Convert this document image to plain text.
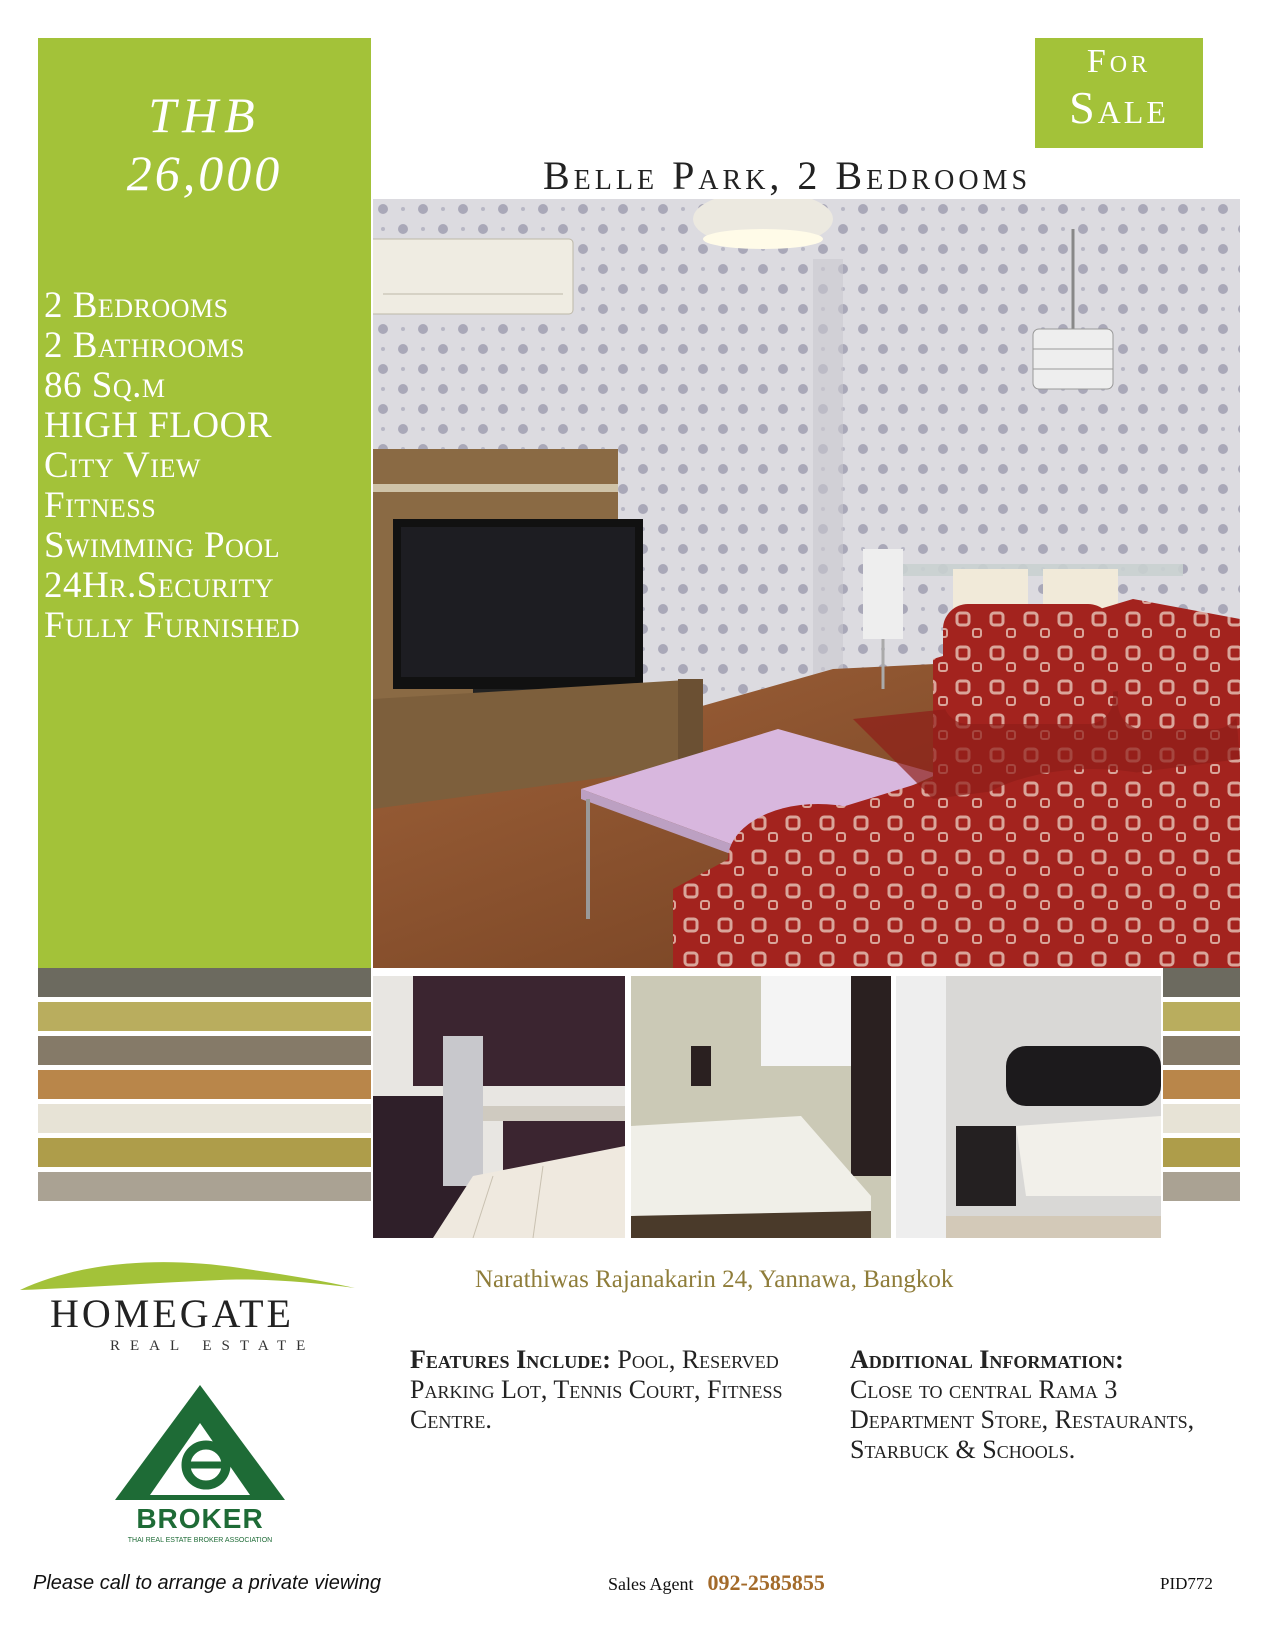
THB
26,000
2 Bedrooms
2 Bathrooms
86 Sq.m
HIGH FLOOR
City View
Fitness
Swimming Pool
24Hr.Security
Fully Furnished
For
Sale
Belle Park, 2 Bedrooms
HOMEGATE
REAL ESTATE
BROKER
THAI REAL ESTATE BROKER ASSOCIATION
Narathiwas Rajanakarin 24, Yannawa, Bangkok
Features Include: Pool, Reserved Parking Lot, Tennis Court, Fitness Centre.
Additional Information:
Close to central Rama 3 Department Store, Restaurants, Starbuck & Schools.
Please call to arrange a private viewing	Sales Agent 092-2585855	PID772
